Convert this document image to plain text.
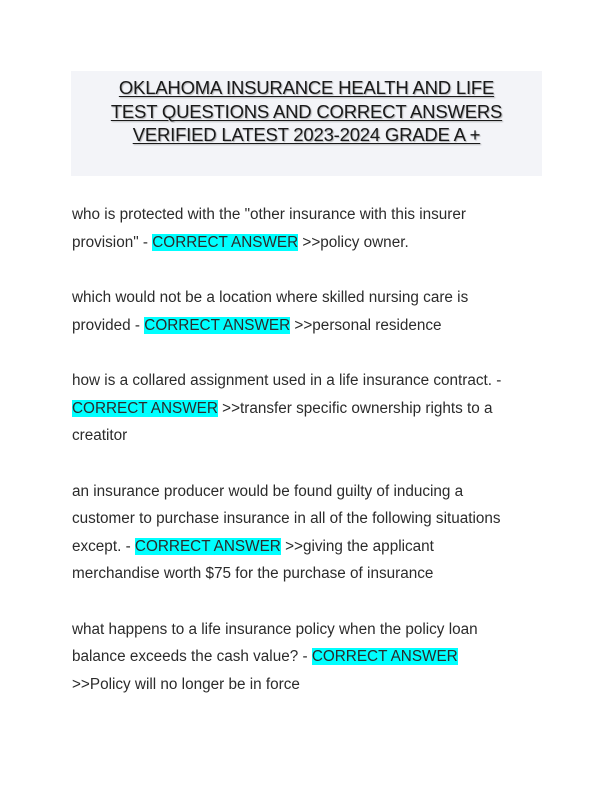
OKLAHOMA INSURANCE HEALTH AND LIFE
TEST QUESTIONS AND CORRECT ANSWERS
VERIFIED LATEST 2023-2024 GRADE A +
who is protected with the "other insurance with this insurer
provision" - CORRECT ANSWER >>policy owner.
which would not be a location where skilled nursing care is
provided - CORRECT ANSWER >>personal residence
how is a collared assignment used in a life insurance contract. -
CORRECT ANSWER >>transfer specific ownership rights to a
creatitor
an insurance producer would be found guilty of inducing a
customer to purchase insurance in all of the following situations
except. - CORRECT ANSWER >>giving the applicant
merchandise worth $75 for the purchase of insurance
what happens to a life insurance policy when the policy loan
balance exceeds the cash value? - CORRECT ANSWER
>>Policy will no longer be in force
